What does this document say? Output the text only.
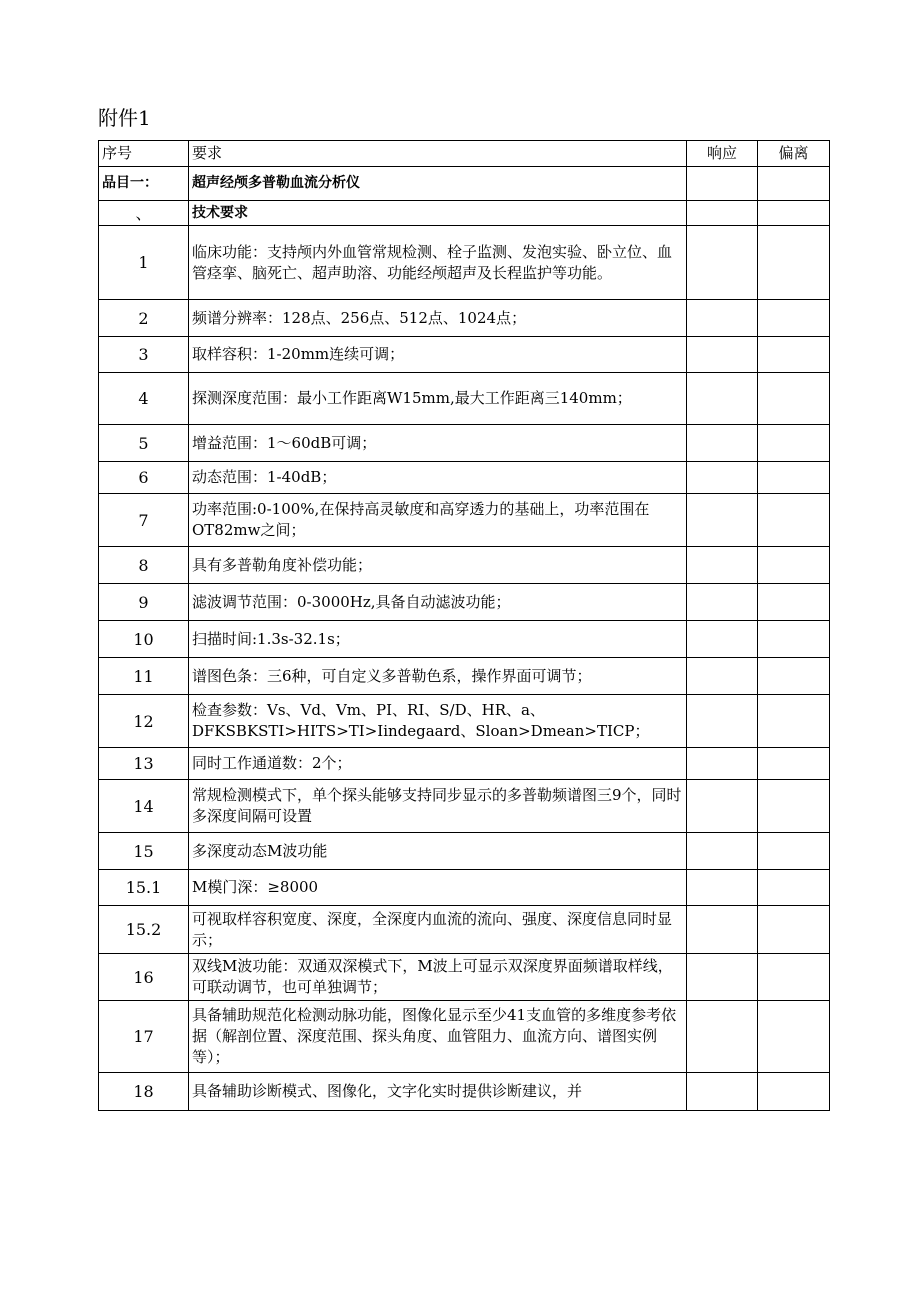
附件1
序号	要求	响应	偏离
品目一：	超声经颅多普勒血流分析仪		
、	技术要求		
1	临床功能：支持颅内外血管常规检测、栓子监测、发泡实验、卧立位、血管痉挛、脑死亡、超声助溶、功能经颅超声及长程监护等功能。		
2	频谱分辨率：128点、256点、512点、1024点；		
3	取样容积：1-20mm连续可调；		
4	探测深度范围：最小工作距离W15mm,最大工作距离三140mm；		
5	增益范围：1〜60dB可调；		
6	动态范围：1-40dB；		
7	功率范围:0-100%,在保持高灵敏度和高穿透力的基础上，功率范围在OT82mw之间；		
8	具有多普勒角度补偿功能；		
9	滤波调节范围：0-3000Hz,具备自动滤波功能；		
10	扫描时间:1.3s-32.1s；		
11	谱图色条：三6种，可自定义多普勒色系，操作界面可调节；		
12	检查参数：Vs、Vd、Vm、PI、RI、S/D、HR、a、DFKSBKSTI>HITS>TI>Iindegaard、Sloan>Dmean>TICP；		
13	同时工作通道数：2个；		
14	常规检测模式下，单个探头能够支持同步显示的多普勒频谱图三9个，同时多深度间隔可设置		
15	多深度动态M波功能		
15.1	M模门深：≥8000		
15.2	可视取样容积宽度、深度，全深度内血流的流向、强度、深度信息同时显示；		
16	双线M波功能：双通双深模式下，M波上可显示双深度界面频谱取样线，可联动调节，也可单独调节；		
17	具备辅助规范化检测动脉功能，图像化显示至少41支血管的多维度参考依据（解剖位置、深度范围、探头角度、血管阻力、血流方向、谱图实例等）；		
18	具备辅助诊断模式、图像化，文字化实时提供诊断建议，并		
